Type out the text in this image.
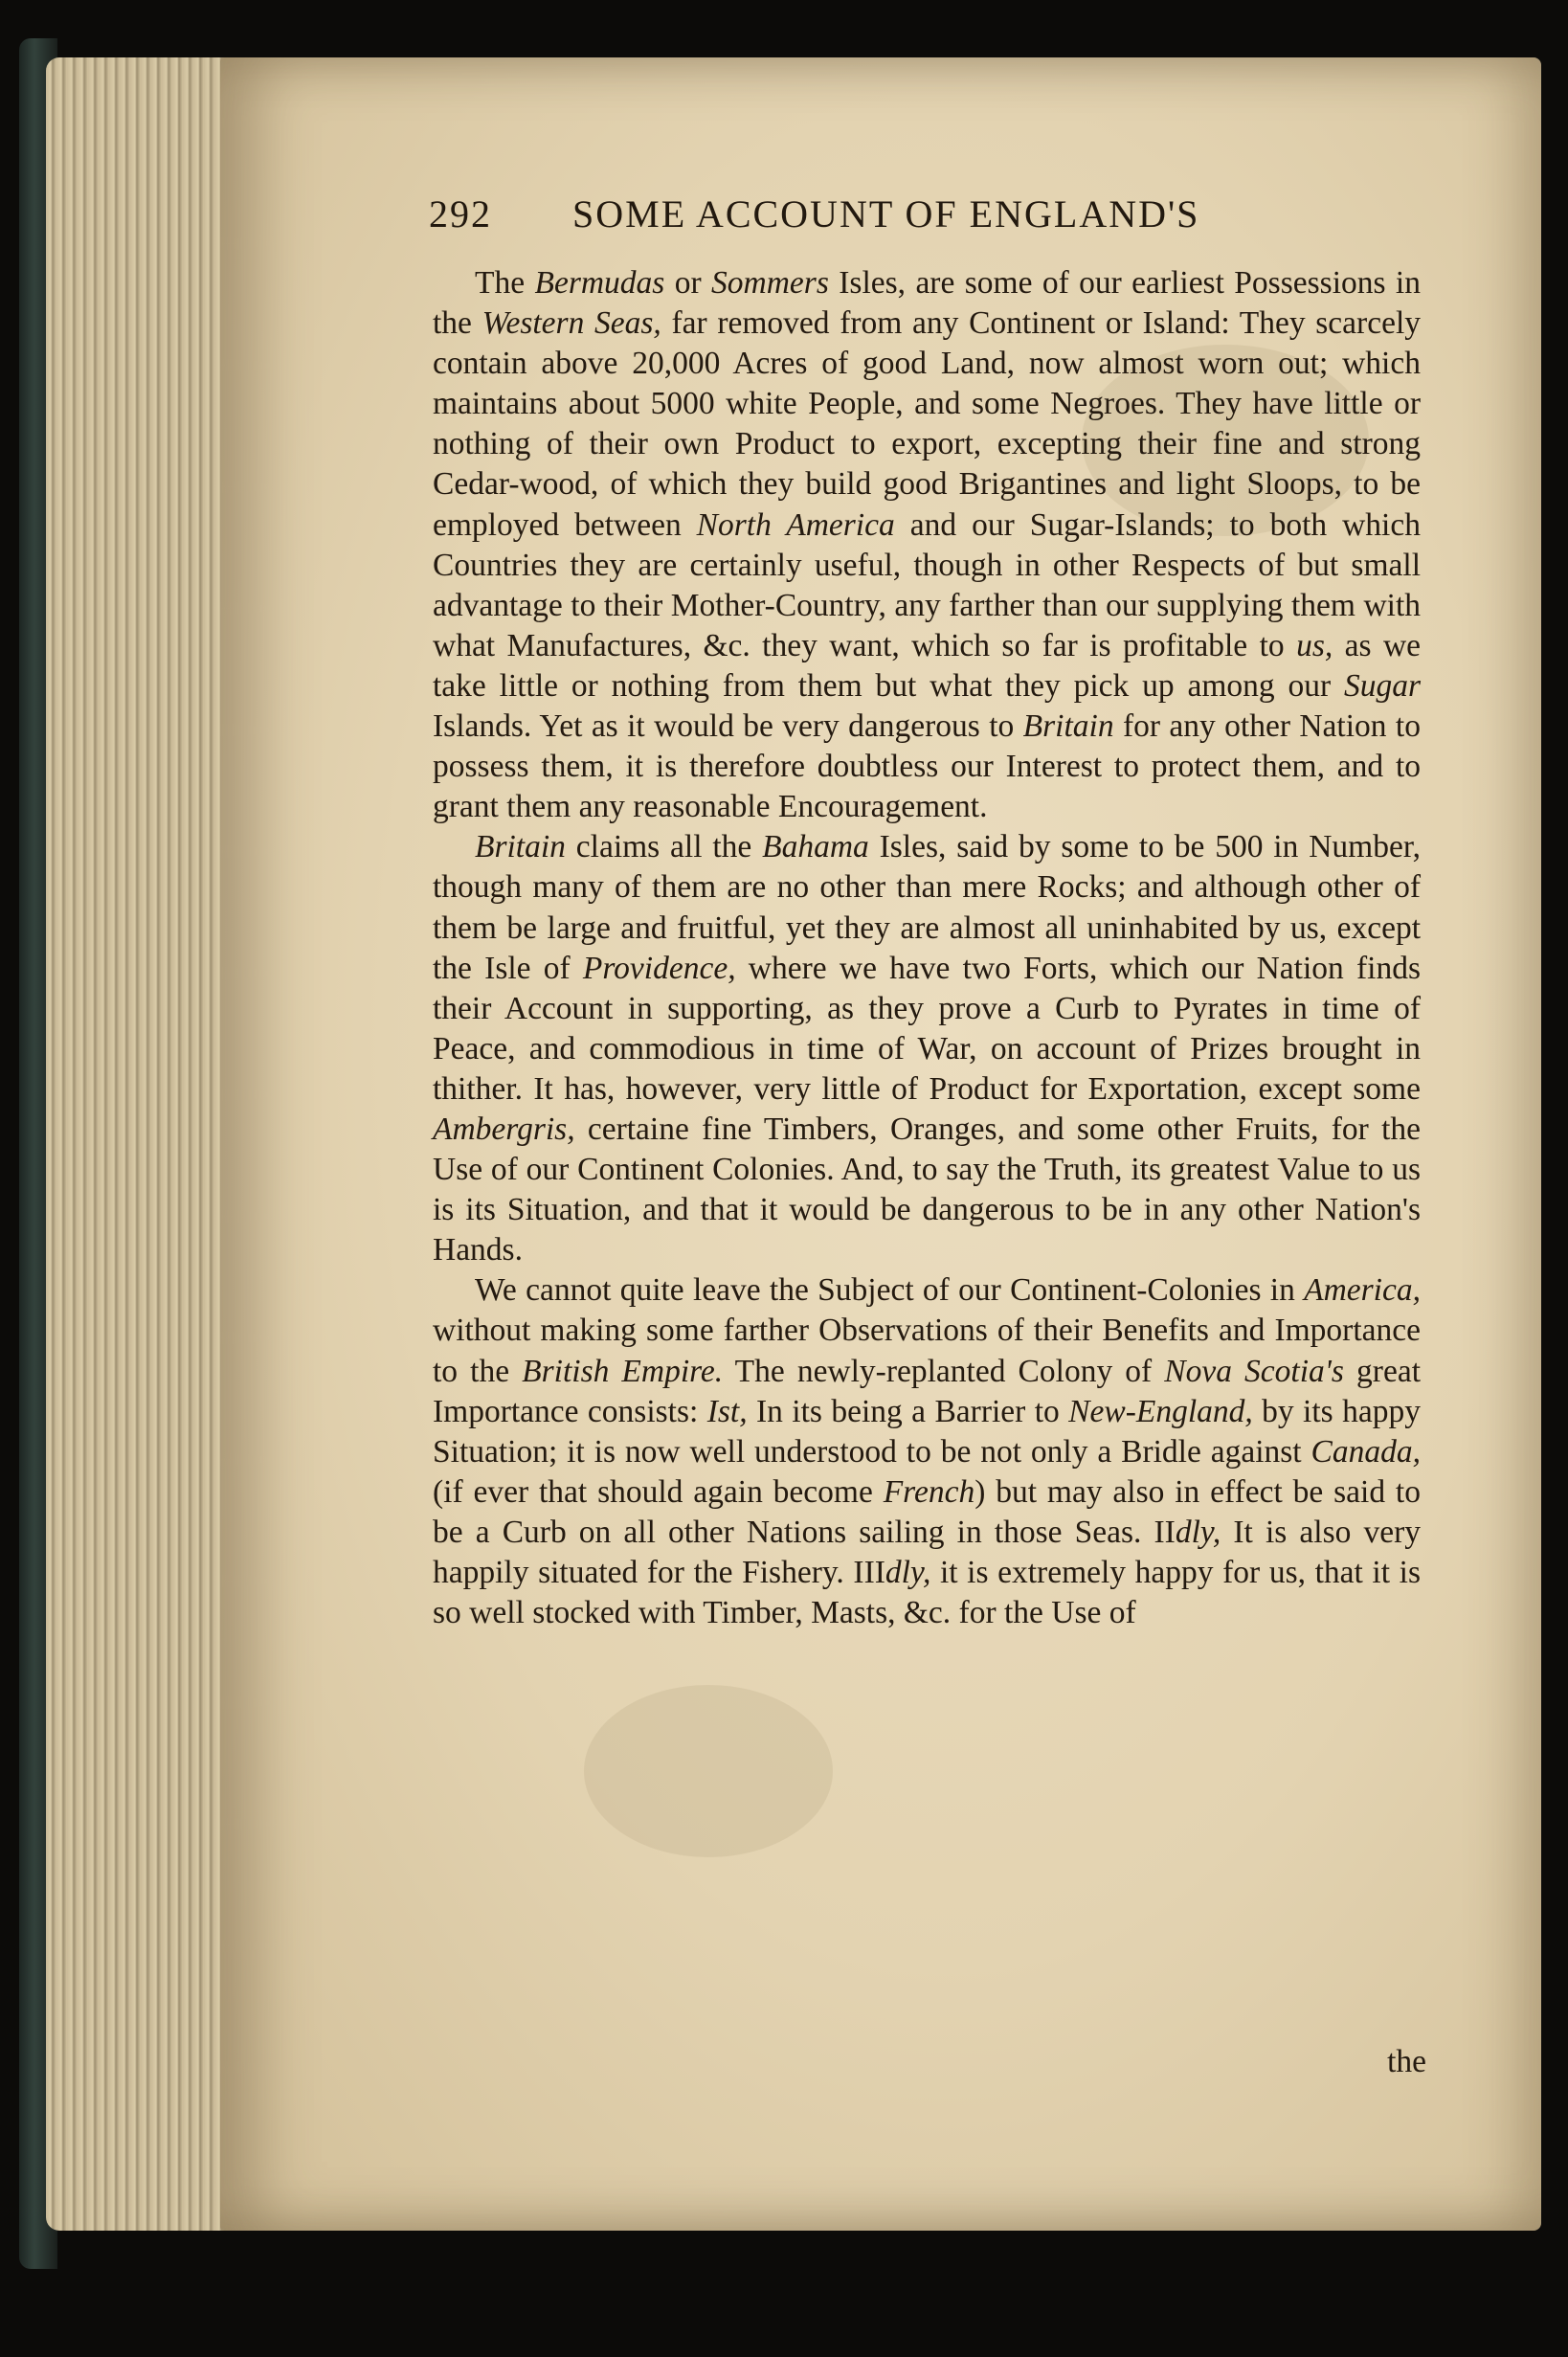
292 SOME ACCOUNT OF ENGLAND'S

The Bermudas or Sommers Isles, are some of our earliest Possessions in the Western Seas, far removed from any Continent or Island: They scarcely contain above 20,000 Acres of good Land, now almost worn out; which maintains about 5000 white People, and some Negroes. They have little or nothing of their own Product to export, excepting their fine and strong Cedar-wood, of which they build good Brigantines and light Sloops, to be employed between North America and our Sugar-Islands; to both which Countries they are certainly useful, though in other Respects of but small advantage to their Mother-Country, any farther than our supplying them with what Manufactures, &c. they want, which so far is profitable to us, as we take little or nothing from them but what they pick up among our Sugar Islands. Yet as it would be very dangerous to Britain for any other Nation to possess them, it is therefore doubtless our Interest to protect them, and to grant them any reasonable Encouragement.

Britain claims all the Bahama Isles, said by some to be 500 in Number, though many of them are no other than mere Rocks; and although other of them be large and fruitful, yet they are almost all uninhabited by us, except the Isle of Providence, where we have two Forts, which our Nation finds their Account in supporting, as they prove a Curb to Pyrates in time of Peace, and commodious in time of War, on account of Prizes brought in thither. It has, however, very little of Product for Exportation, except some Ambergris, certaine fine Timbers, Oranges, and some other Fruits, for the Use of our Continent Colonies. And, to say the Truth, its greatest Value to us is its Situation, and that it would be dangerous to be in any other Nation's Hands.

We cannot quite leave the Subject of our Continent-Colonies in America, without making some farther Observations of their Benefits and Importance to the British Empire. The newly-replanted Colony of Nova Scotia's great Importance consists: Ist, In its being a Barrier to New-England, by its happy Situation; it is now well understood to be not only a Bridle against Canada, (if ever that should again become French) but may also in effect be said to be a Curb on all other Nations sailing in those Seas. IIdly, It is also very happily situated for the Fishery. IIIdly, it is extremely happy for us, that it is so well stocked with Timber, Masts, &c. for the Use of

the
